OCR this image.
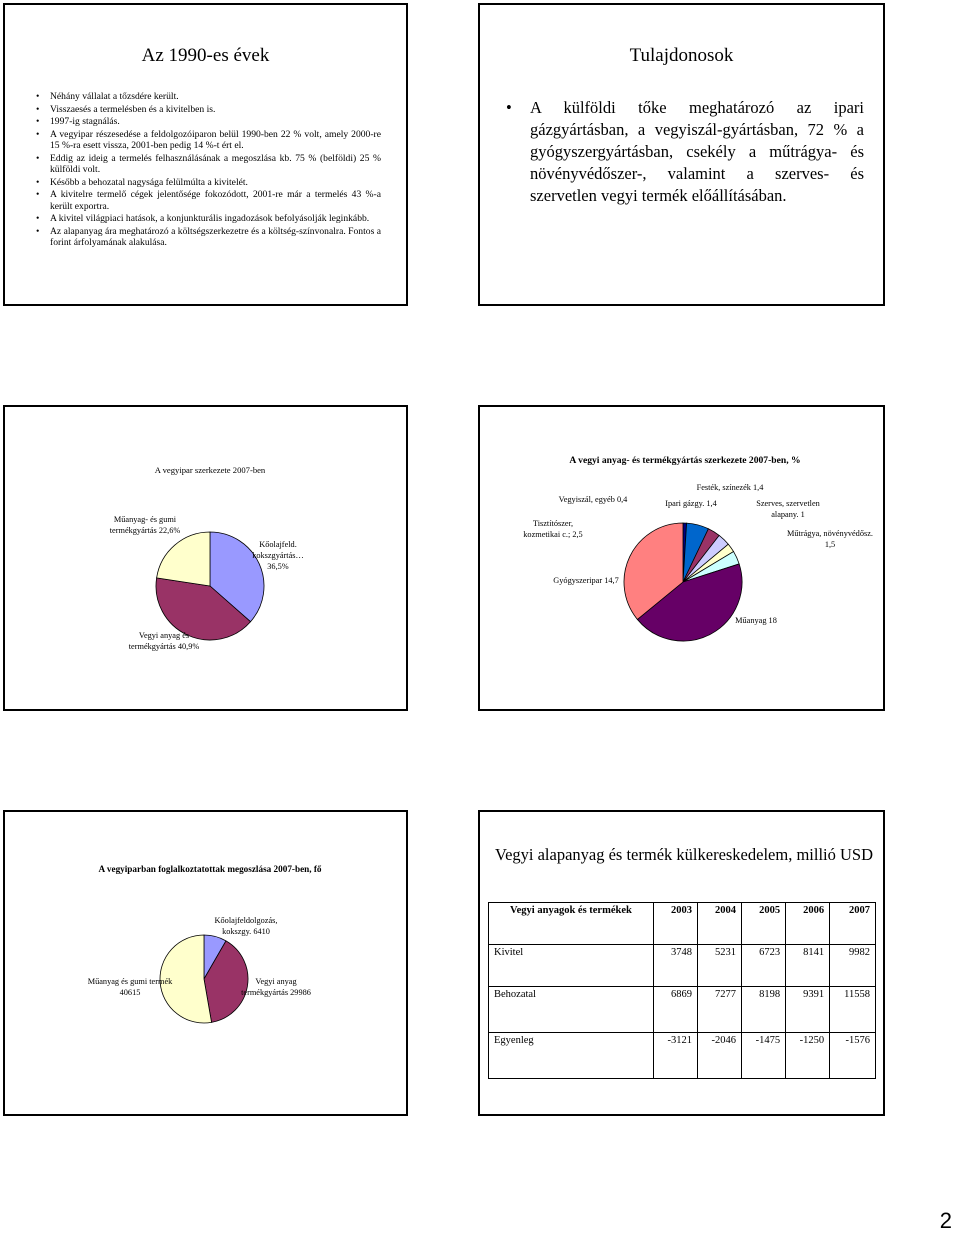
Az 1990-es évek
• Néhány vállalat a tőzsdére került.
• Visszaesés a termelésben és a kivitelben is.
• 1997-ig stagnálás.
• A vegyipar részesedése a feldolgozóiparon belül 1990-ben 22 % volt, amely 2000-re 15 %-ra esett vissza, 2001-ben pedig 14 %-t ért el.
• Eddig az ideig a termelés felhasználásának a megoszlása kb. 75 % (belföldi) 25 % külföldi volt.
• Később a behozatal nagysága felülmúlta a kivitelét.
• A kivitelre termelő cégek jelentősége fokozódott, 2001-re már a termelés 43 %-a került exportra.
• A kivitel világpiaci hatások, a konjunkturális ingadozások befolyásolják leginkább.
• Az alapanyag ára meghatározó a költségszerkezetre és a költség-színvonalra. Fontos a forint árfolyamának alakulása.
Tulajdonosok
• A külföldi tőke meghatározó az ipari gázgyártásban, a vegyiszál-gyártásban, 72 % a gyógyszergyártásban, csekély a műtrágya- és növényvédőszer-, valamint a szerves- és szervetlen vegyi termék előállításában.
A vegyipar szerkezete 2007-ben
Kőolajfeld. kokszgyártás… 36,5%
Műanyag- és gumi termékgyártás 22,6%
Vegyi anyag és termékgyártás 40,9%
A vegyi anyag- és termékgyártás szerkezete 2007-ben, %
Festék, színezék 1,4
Vegyiszál, egyéb 0,4	Ipari gázgy. 1,4	Szerves, szervetlen alapany. 1
Tisztítószer, kozmetikai c.; 2,5	Műtrágya, növényvédősz. 1,5
Gyógyszeripar 14,7
Műanyag 18
A vegyiparban foglalkoztatottak megoszlása 2007-ben, fő
Kőolajfeldolgozás, kokszgy. 6410
Műanyag és gumi termék 40615
Vegyi anyag termékgyártás 29986
Vegyi alapanyag és termék külkereskedelem, millió USD
Vegyi anyagok és termékek	2003	2004	2005	2006	2007
Kivitel	3748	5231	6723	8141	9982
Behozatal	6869	7277	8198	9391	11558
Egyenleg	-3121	-2046	-1475	-1250	-1576
2
